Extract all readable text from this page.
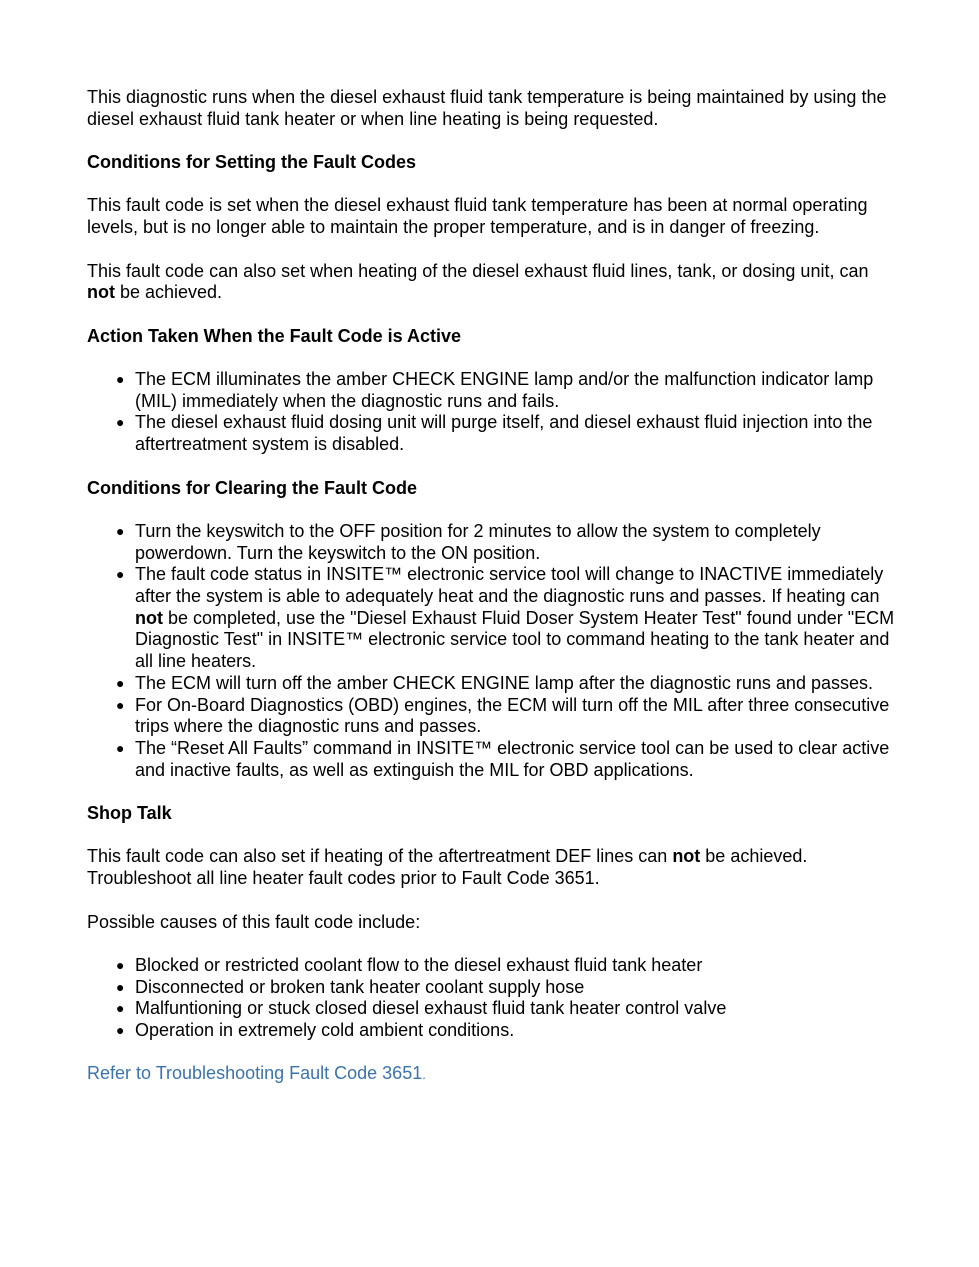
This diagnostic runs when the diesel exhaust fluid tank temperature is being maintained by using the diesel exhaust fluid tank heater or when line heating is being requested.

Conditions for Setting the Fault Codes

This fault code is set when the diesel exhaust fluid tank temperature has been at normal operating levels, but is no longer able to maintain the proper temperature, and is in danger of freezing.

This fault code can also set when heating of the diesel exhaust fluid lines, tank, or dosing unit, can not be achieved.

Action Taken When the Fault Code is Active
● The ECM illuminates the amber CHECK ENGINE lamp and/or the malfunction indicator lamp (MIL) immediately when the diagnostic runs and fails.
● The diesel exhaust fluid dosing unit will purge itself, and diesel exhaust fluid injection into the aftertreatment system is disabled.
Conditions for Clearing the Fault Code
● Turn the keyswitch to the OFF position for 2 minutes to allow the system to completely powerdown. Turn the keyswitch to the ON position.
● The fault code status in INSITE™ electronic service tool will change to INACTIVE immediately after the system is able to adequately heat and the diagnostic runs and passes. If heating can not be completed, use the "Diesel Exhaust Fluid Doser System Heater Test" found under "ECM Diagnostic Test" in INSITE™ electronic service tool to command heating to the tank heater and all line heaters.
● The ECM will turn off the amber CHECK ENGINE lamp after the diagnostic runs and passes.
● For On-Board Diagnostics (OBD) engines, the ECM will turn off the MIL after three consecutive trips where the diagnostic runs and passes.
● The “Reset All Faults” command in INSITE™ electronic service tool can be used to clear active and inactive faults, as well as extinguish the MIL for OBD applications.
Shop Talk

This fault code can also set if heating of the aftertreatment DEF lines can not be achieved. Troubleshoot all line heater fault codes prior to Fault Code 3651.

Possible causes of this fault code include:

● Blocked or restricted coolant flow to the diesel exhaust fluid tank heater
● Disconnected or broken tank heater coolant supply hose
● Malfuntioning or stuck closed diesel exhaust fluid tank heater control valve
● Operation in extremely cold ambient conditions.

Refer to Troubleshooting Fault Code 3651.
